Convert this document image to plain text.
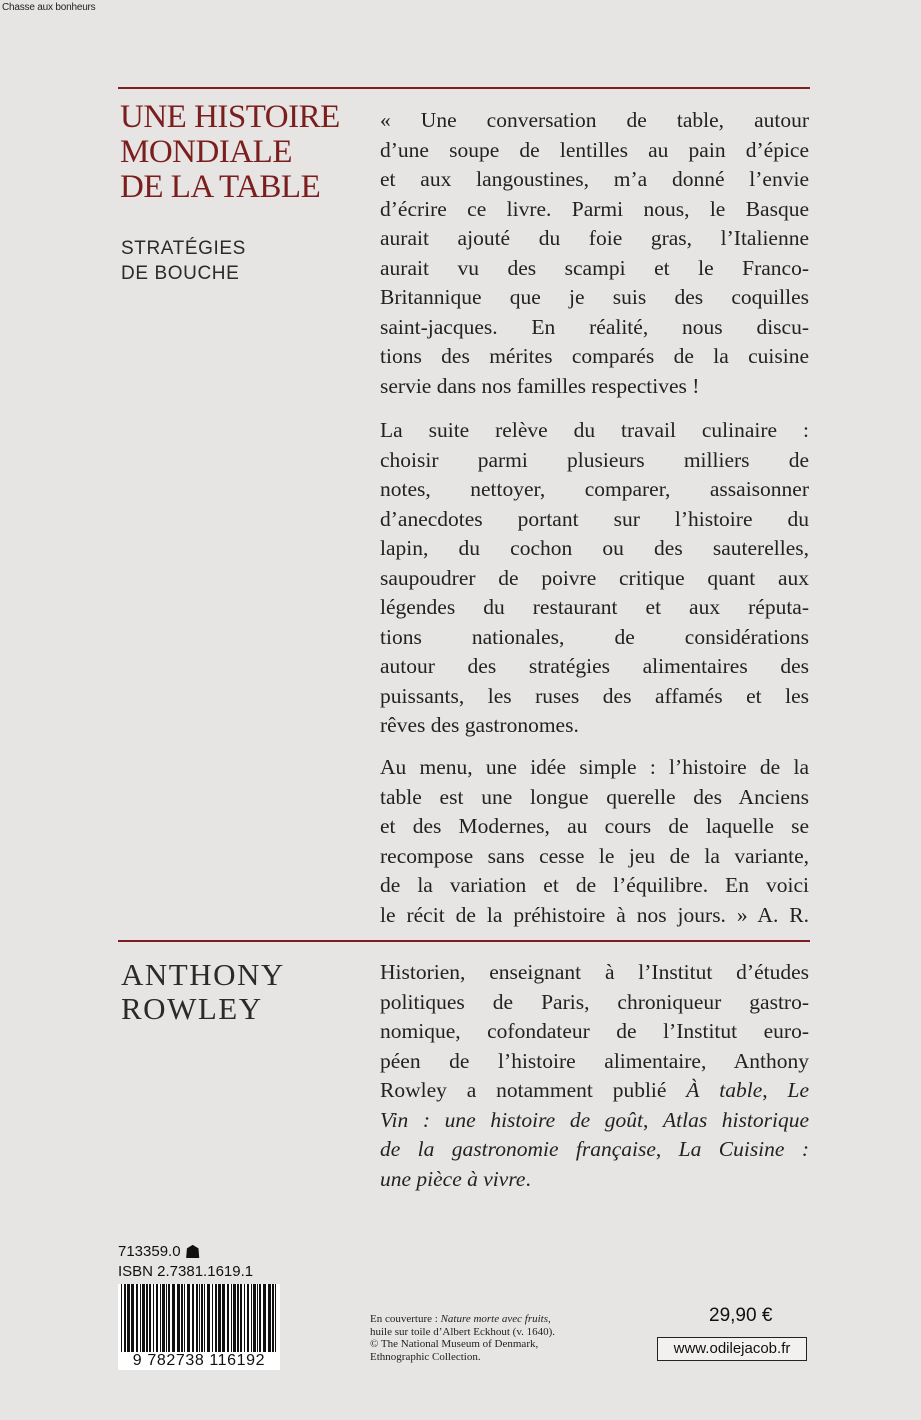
Chasse aux bonheurs
UNE HISTOIRE
MONDIALE
DE LA TABLE
STRATÉGIES
DE BOUCHE
« Une conversation de table, autour
d’une soupe de lentilles au pain d’épice
et aux langoustines, m’a donné l’envie
d’écrire ce livre. Parmi nous, le Basque
aurait ajouté du foie gras, l’Italienne
aurait vu des scampi et le Franco-
Britannique que je suis des coquilles
saint-jacques. En réalité, nous discu-
tions des mérites comparés de la cuisine
servie dans nos familles respectives !
La suite relève du travail culinaire :
choisir parmi plusieurs milliers de
notes, nettoyer, comparer, assaisonner
d’anecdotes portant sur l’histoire du
lapin, du cochon ou des sauterelles,
saupoudrer de poivre critique quant aux
légendes du restaurant et aux réputa-
tions nationales, de considérations
autour des stratégies alimentaires des
puissants, les ruses des affamés et les
rêves des gastronomes.
Au menu, une idée simple : l’histoire de la
table est une longue querelle des Anciens
et des Modernes, au cours de laquelle se
recompose sans cesse le jeu de la variante,
de la variation et de l’équilibre. En voici
le récit de la préhistoire à nos jours. » A. R.
ANTHONY
ROWLEY
Historien, enseignant à l’Institut d’études
politiques de Paris, chroniqueur gastro-
nomique, cofondateur de l’Institut euro-
péen de l’histoire alimentaire, Anthony
Rowley a notamment publié À table, Le
Vin : une histoire de goût, Atlas historique
de la gastronomie française, La Cuisine :
une pièce à vivre.
713359.0 ☗
ISBN 2.7381.1619.1
9 782738 116192
En couverture : Nature morte avec fruits,
huile sur toile d’Albert Eckhout (v. 1640).
© The National Museum of Denmark,
Ethnographic Collection.
29,90 €
www.odilejacob.fr
